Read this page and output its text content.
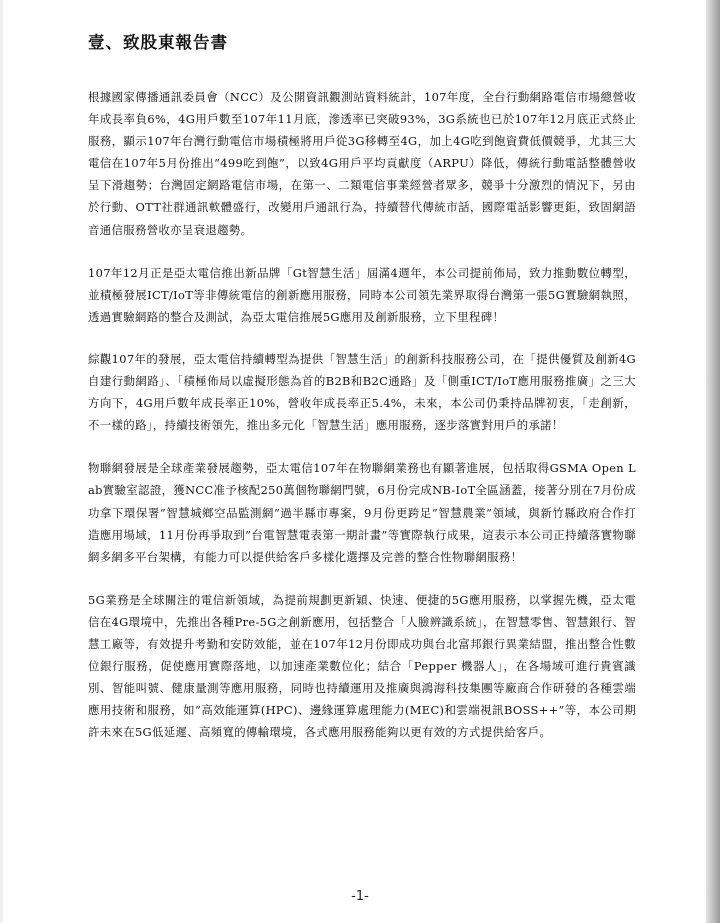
壹、致股東報告書

根據國家傳播通訊委員會（NCC）及公開資訊觀測站資料統計，107年度，全台行動網路電信市場總營收年成長率負6%，4G用戶數至107年11月底，滲透率已突破93%，3G系統也已於107年12月底正式終止服務，顯示107年台灣行動電信市場積極將用戶從3G移轉至4G，加上4G吃到飽資費低價競爭，尤其三大電信在107年5月份推出”499吃到飽”，以致4G用戶平均貢獻度（ARPU）降低，傳統行動電話整體營收呈下滑趨勢；台灣固定網路電信市場，在第一、二類電信事業經營者眾多，競爭十分激烈的情況下，另由於行動、OTT社群通訊軟體盛行，改變用戶通訊行為，持續替代傳統市話，國際電話影響更鉅，致固網語音通信服務營收亦呈衰退趨勢。

107年12月正是亞太電信推出新品牌「Gt智慧生活」屆滿4週年，本公司提前佈局，致力推動數位轉型，並積極發展ICT/IoT等非傳統電信的創新應用服務，同時本公司領先業界取得台灣第一張5G實驗網執照，透過實驗網路的整合及測試，為亞太電信推展5G應用及創新服務，立下里程碑！

綜觀107年的發展，亞太電信持續轉型為提供「智慧生活」的創新科技服務公司，在「提供優質及創新4G自建行動網路」、「積極佈局以虛擬形態為首的B2B和B2C通路」及「側重ICT/IoT應用服務推廣」之三大方向下，4G用戶數年成長率正10%，營收年成長率正5.4%，未來，本公司仍秉持品牌初衷，「走創新，不一樣的路」，持續技術領先，推出多元化「智慧生活」應用服務，逐步落實對用戶的承諾！

物聯網發展是全球產業發展趨勢，亞太電信107年在物聯網業務也有顯著進展，包括取得GSMA Open Lab實驗室認證，獲NCC准予核配250萬個物聯網門號，6月份完成NB-IoT全區涵蓋，接著分別在7月份成功拿下環保署”智慧城鄉空品監測網”過半縣市專案，9月份更跨足”智慧農業”領域，與新竹縣政府合作打造應用場域，11月份再爭取到”台電智慧電表第一期計畫”等實際執行成果，這表示本公司正持續落實物聯網多網多平台架構，有能力可以提供給客戶多樣化選擇及完善的整合性物聯網服務！

5G業務是全球關注的電信新領域，為提前規劃更新穎、快速、便捷的5G應用服務，以掌握先機，亞太電信在4G環境中，先推出各種Pre-5G之創新應用，包括整合「人臉辨識系統」，在智慧零售、智慧銀行、智慧工廠等，有效提升考勤和安防效能，並在107年12月份即成功與台北富邦銀行異業結盟，推出整合性數位銀行服務，促使應用實際落地，以加速產業數位化；結合「Pepper 機器人」，在各場域可進行貴賓識別、智能叫號、健康量測等應用服務，同時也持續運用及推廣與鴻海科技集團等廠商合作研發的各種雲端應用技術和服務，如”高效能運算(HPC)、邊緣運算處理能力(MEC)和雲端視訊BOSS++”等，本公司期許未來在5G低延遲、高頻寬的傳輸環境，各式應用服務能夠以更有效的方式提供給客戶。

-1-
